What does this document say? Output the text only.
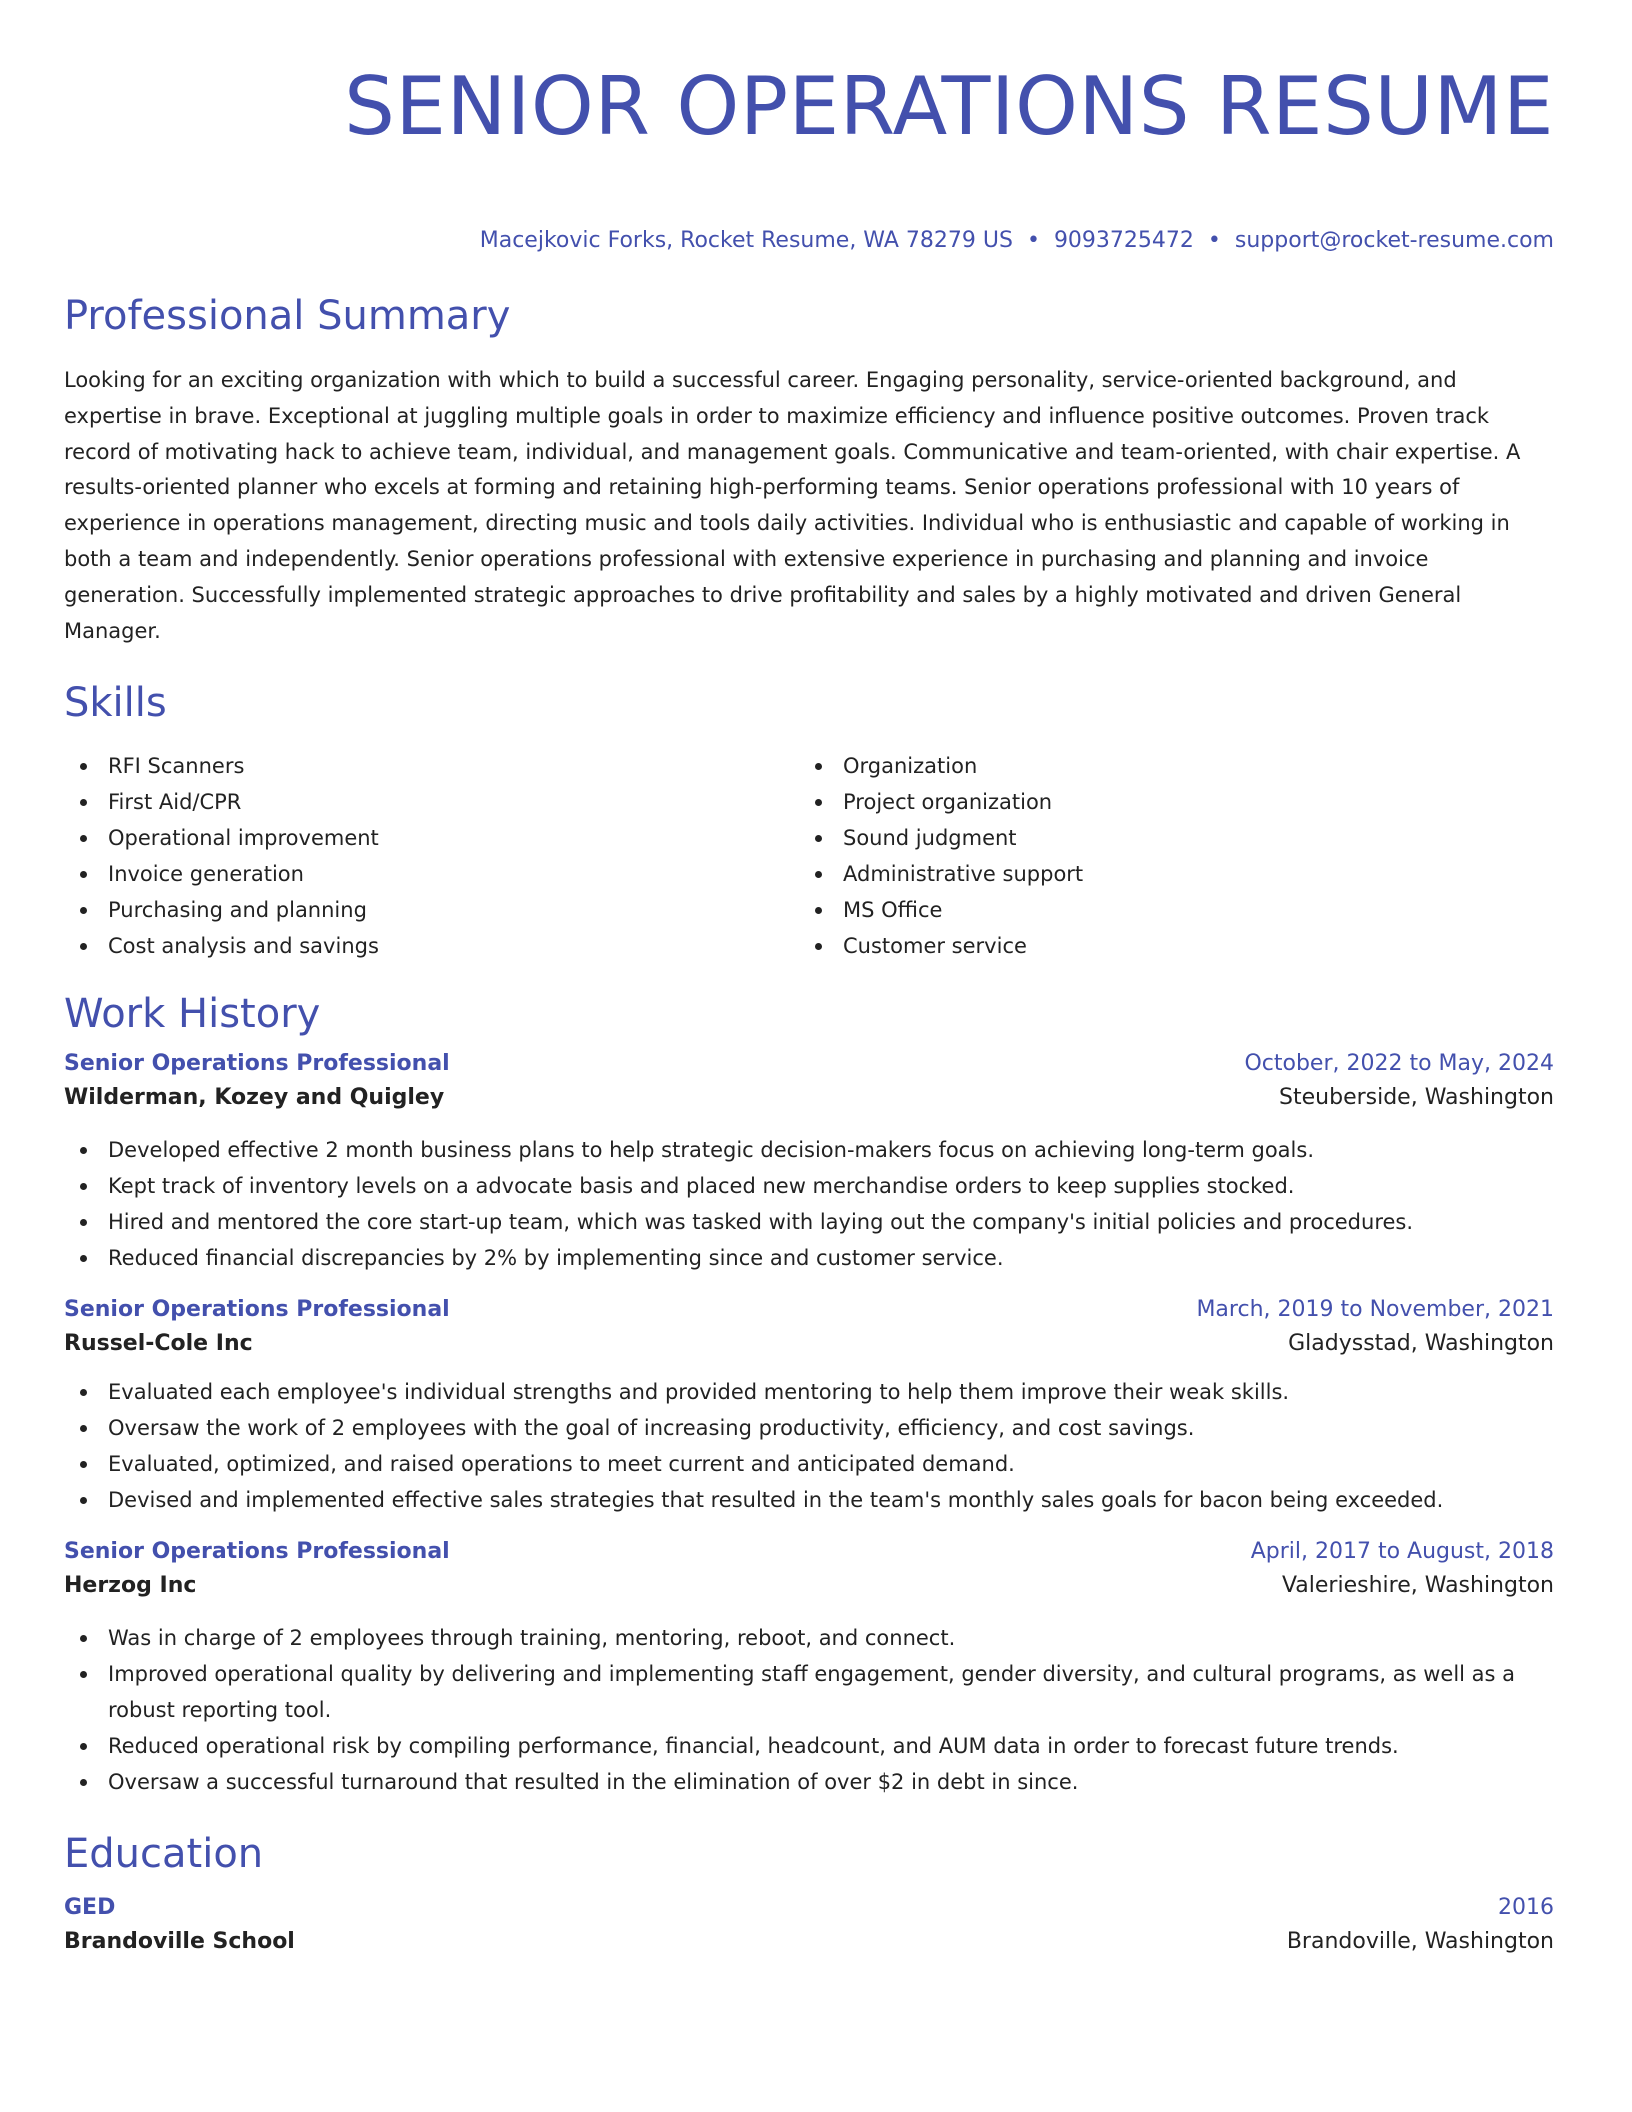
SENIOR OPERATIONS RESUME
Macejkovic Forks, Rocket Resume, WA 78279 US • 9093725472 • support@rocket-resume.com
Professional Summary

Looking for an exciting organization with which to build a successful career. Engaging personality, service-oriented background, and expertise in brave. Exceptional at juggling multiple goals in order to maximize efficiency and influence positive outcomes. Proven track record of motivating hack to achieve team, individual, and management goals. Communicative and team-oriented, with chair expertise. A results-oriented planner who excels at forming and retaining high-performing teams. Senior operations professional with 10 years of experience in operations management, directing music and tools daily activities. Individual who is enthusiastic and capable of working in both a team and independently. Senior operations professional with extensive experience in purchasing and planning and invoice generation. Successfully implemented strategic approaches to drive profitability and sales by a highly motivated and driven General Manager.

Skills
RFI Scanners
First Aid/CPR
Operational improvement
Invoice generation
Purchasing and planning
Cost analysis and savings
Organization
Project organization
Sound judgment
Administrative support
MS Office
Customer service
Work History
Senior Operations Professional	October, 2022 to May, 2024
Wilderman, Kozey and Quigley	Steuberside, Washington
Developed effective 2 month business plans to help strategic decision-makers focus on achieving long-term goals.
Kept track of inventory levels on a advocate basis and placed new merchandise orders to keep supplies stocked.
Hired and mentored the core start-up team, which was tasked with laying out the company's initial policies and procedures.
Reduced financial discrepancies by 2% by implementing since and customer service.
Senior Operations Professional	March, 2019 to November, 2021
Russel-Cole Inc	Gladysstad, Washington
Evaluated each employee's individual strengths and provided mentoring to help them improve their weak skills.
Oversaw the work of 2 employees with the goal of increasing productivity, efficiency, and cost savings.
Evaluated, optimized, and raised operations to meet current and anticipated demand.
Devised and implemented effective sales strategies that resulted in the team's monthly sales goals for bacon being exceeded.
Senior Operations Professional	April, 2017 to August, 2018
Herzog Inc	Valerieshire, Washington
Was in charge of 2 employees through training, mentoring, reboot, and connect.
Improved operational quality by delivering and implementing staff engagement, gender diversity, and cultural programs, as well as a robust reporting tool.
Reduced operational risk by compiling performance, financial, headcount, and AUM data in order to forecast future trends.
Oversaw a successful turnaround that resulted in the elimination of over $2 in debt in since.
Education
GED	2016
Brandoville School	Brandoville, Washington
